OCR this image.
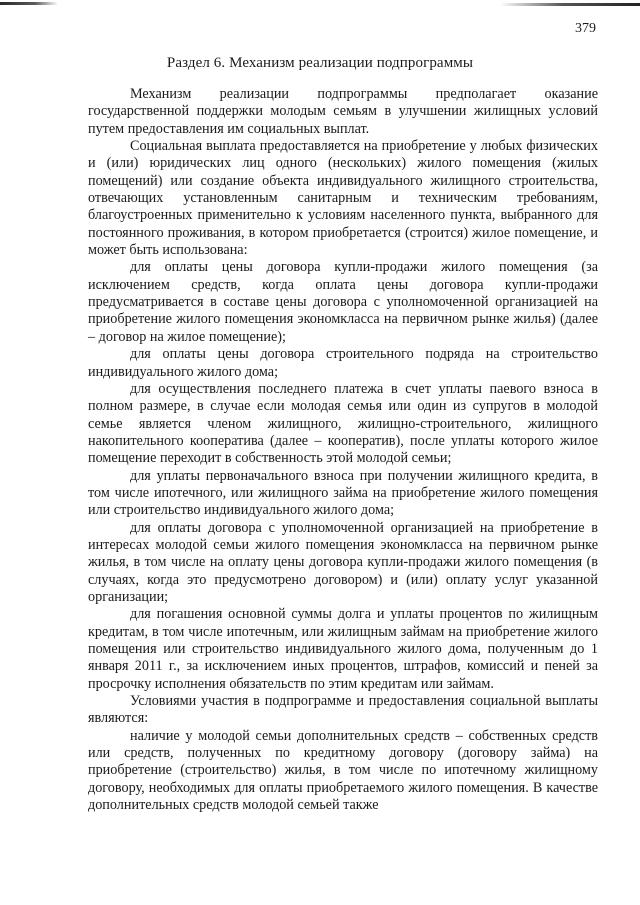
379
Раздел 6. Механизм реализации подпрограммы

Механизм реализации подпрограммы предполагает оказание государственной поддержки молодым семьям в улучшении жилищных условий путем предоставления им социальных выплат.

Социальная выплата предоставляется на приобретение у любых физических и (или) юридических лиц одного (нескольких) жилого помещения (жилых помещений) или создание объекта индивидуального жилищного строительства, отвечающих установленным санитарным и техническим требованиям, благоустроенных применительно к условиям населенного пункта, выбранного для постоянного проживания, в котором приобретается (строится) жилое помещение, и может быть использована:

для оплаты цены договора купли-продажи жилого помещения (за исключением средств, когда оплата цены договора купли-продажи предусматривается в составе цены договора с уполномоченной организацией на приобретение жилого помещения экономкласса на первичном рынке жилья) (далее – договор на жилое помещение);

для оплаты цены договора строительного подряда на строительство индивидуального жилого дома;

для осуществления последнего платежа в счет уплаты паевого взноса в полном размере, в случае если молодая семья или один из супругов в молодой семье является членом жилищного, жилищно-строительного, жилищного накопительного кооператива (далее – кооператив), после уплаты которого жилое помещение переходит в собственность этой молодой семьи;

для уплаты первоначального взноса при получении жилищного кредита, в том числе ипотечного, или жилищного займа на приобретение жилого помещения или строительство индивидуального жилого дома;

для оплаты договора с уполномоченной организацией на приобретение в интересах молодой семьи жилого помещения экономкласса на первичном рынке жилья, в том числе на оплату цены договора купли-продажи жилого помещения (в случаях, когда это предусмотрено договором) и (или) оплату услуг указанной организации;

для погашения основной суммы долга и уплаты процентов по жилищным кредитам, в том числе ипотечным, или жилищным займам на приобретение жилого помещения или строительство индивидуального жилого дома, полученным до 1 января 2011 г., за исключением иных процентов, штрафов, комиссий и пеней за просрочку исполнения обязательств по этим кредитам или займам.

Условиями участия в подпрограмме и предоставления социальной выплаты являются:

наличие у молодой семьи дополнительных средств – собственных средств или средств, полученных по кредитному договору (договору займа) на приобретение (строительство) жилья, в том числе по ипотечному жилищному договору, необходимых для оплаты приобретаемого жилого помещения. В качестве дополнительных средств молодой семьей также
